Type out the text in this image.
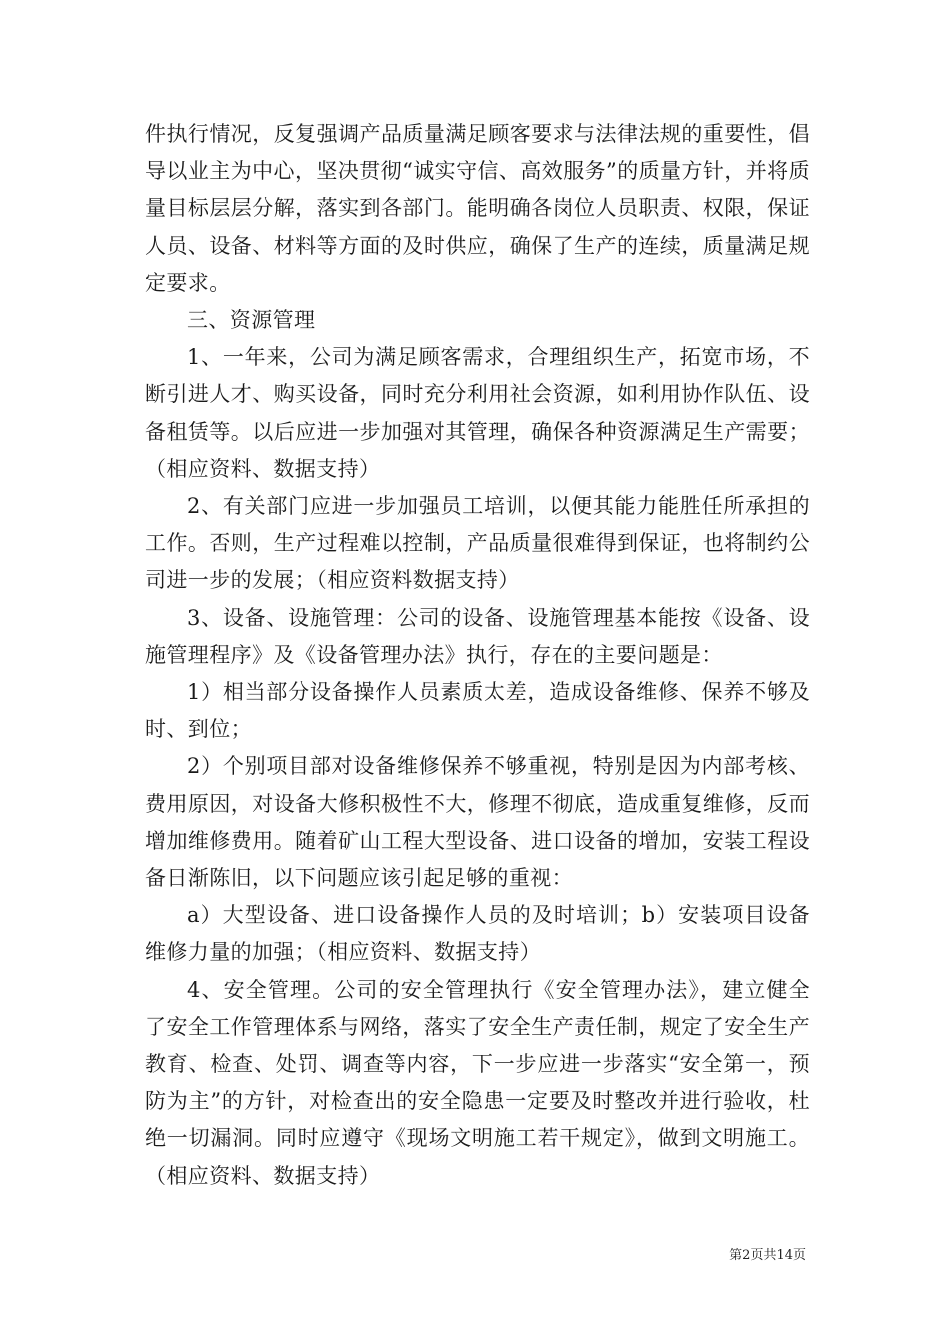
件执行情况，反复强调产品质量满足顾客要求与法律法规的重要性，倡导以业主为中心，坚决贯彻“诚实守信、高效服务”的质量方针，并将质量目标层层分解，落实到各部门。能明确各岗位人员职责、权限，保证人员、设备、材料等方面的及时供应，确保了生产的连续，质量满足规定要求。

三、资源管理

1、一年来，公司为满足顾客需求，合理组织生产，拓宽市场，不断引进人才、购买设备，同时充分利用社会资源，如利用协作队伍、设备租赁等。以后应进一步加强对其管理，确保各种资源满足生产需要；（相应资料、数据支持）

2、有关部门应进一步加强员工培训，以便其能力能胜任所承担的工作。否则，生产过程难以控制，产品质量很难得到保证，也将制约公司进一步的发展；（相应资料数据支持）

3、设备、设施管理：公司的设备、设施管理基本能按《设备、设施管理程序》及《设备管理办法》执行，存在的主要问题是：

1）相当部分设备操作人员素质太差，造成设备维修、保养不够及时、到位；

2）个别项目部对设备维修保养不够重视，特别是因为内部考核、费用原因，对设备大修积极性不大，修理不彻底，造成重复维修，反而增加维修费用。随着矿山工程大型设备、进口设备的增加，安装工程设备日渐陈旧，以下问题应该引起足够的重视：

a）大型设备、进口设备操作人员的及时培训；b）安装项目设备维修力量的加强；（相应资料、数据支持）

4、安全管理。公司的安全管理执行《安全管理办法》，建立健全了安全工作管理体系与网络，落实了安全生产责任制，规定了安全生产教育、检查、处罚、调查等内容，下一步应进一步落实“安全第一，预防为主”的方针，对检查出的安全隐患一定要及时整改并进行验收，杜绝一切漏洞。同时应遵守《现场文明施工若干规定》，做到文明施工。（相应资料、数据支持）

第2页共14页
